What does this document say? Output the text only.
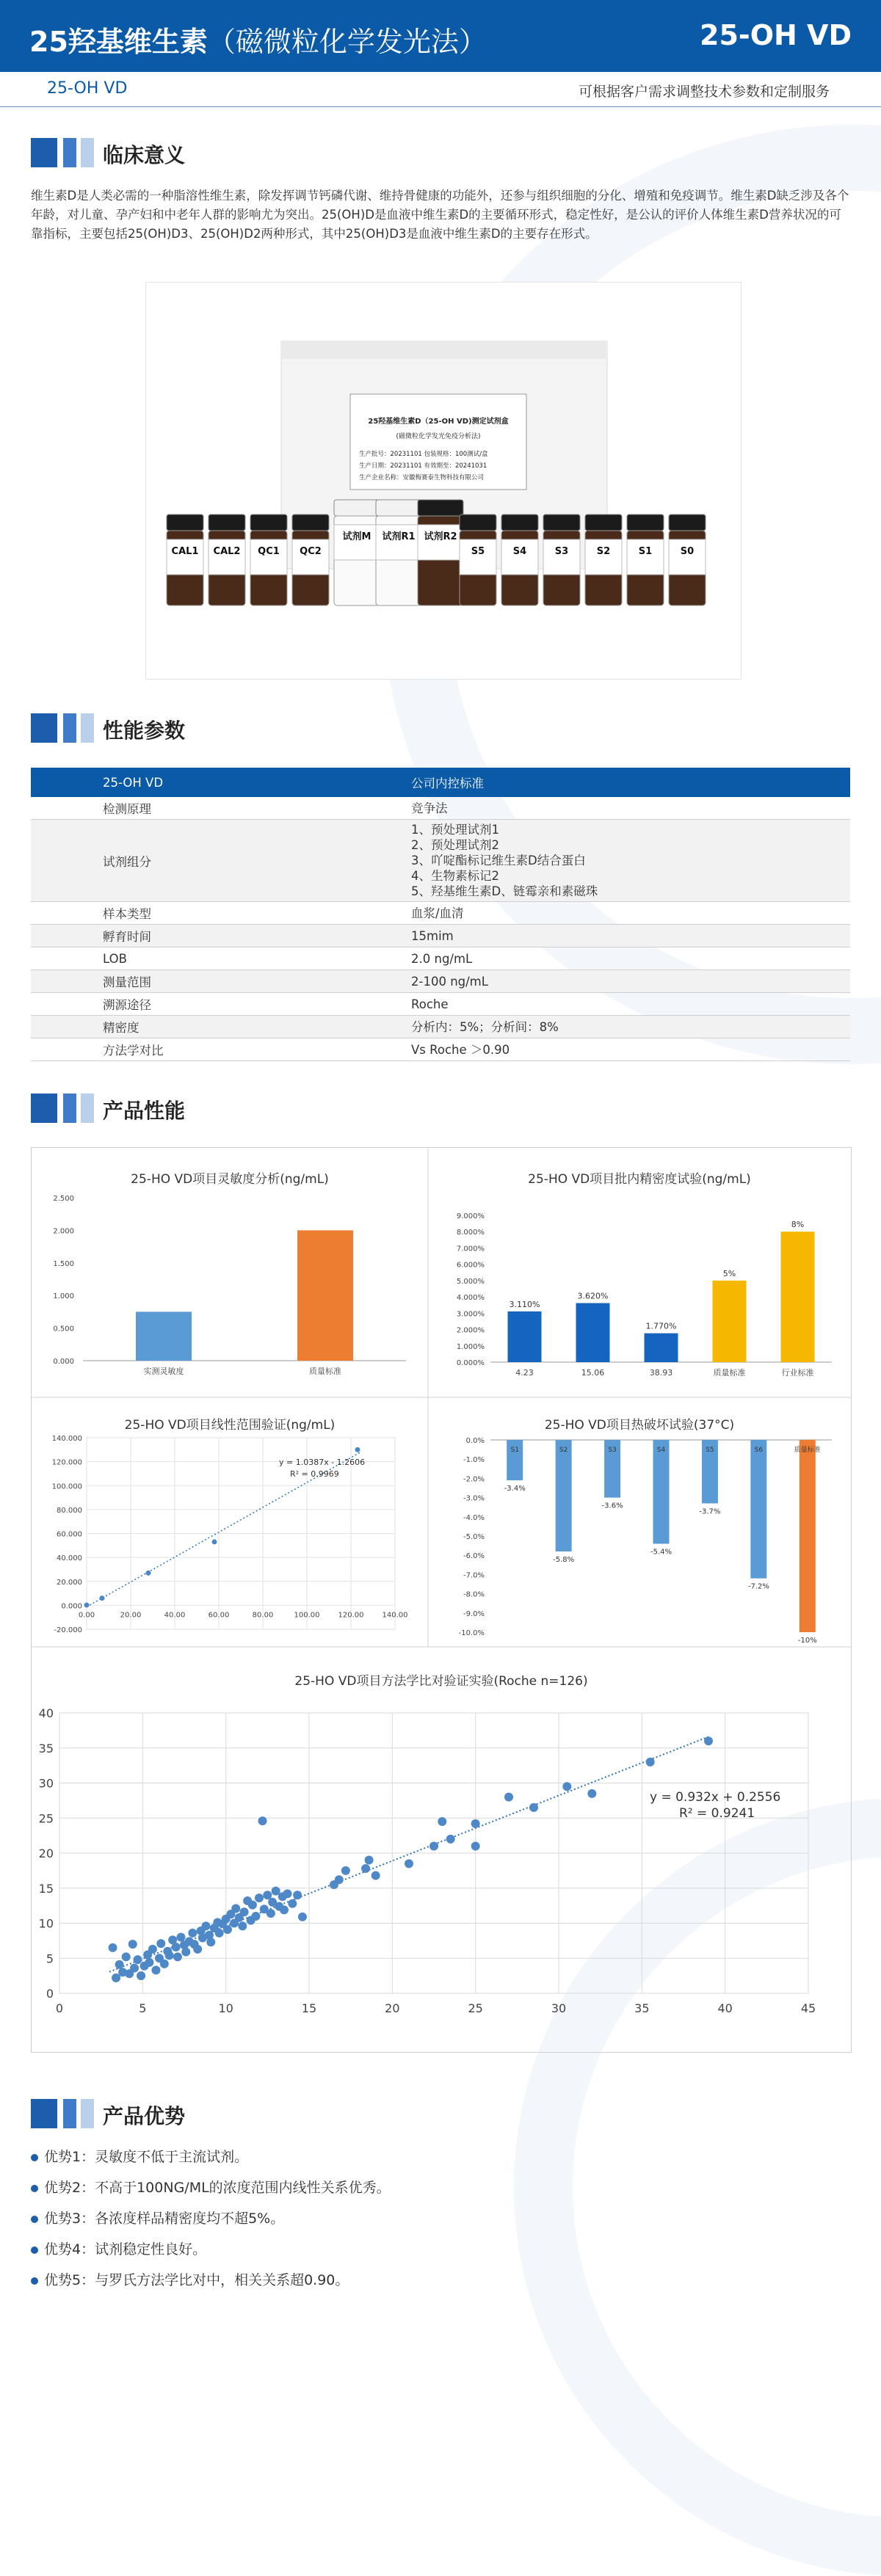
25羟基维生素（磁微粒化学发光法）	25-OH VD
25-OH VD	可根据客户需求调整技术参数和定制服务
临床意义
维生素D是人类必需的一种脂溶性维生素，除发挥调节钙磷代谢、维持骨健康的功能外，还参与组织细胞的分化、增殖和免疫调节。维生素D缺乏涉及各个年龄，对儿童、孕产妇和中老年人群的影响尤为突出。25(OH)D是血液中维生素D的主要循环形式，稳定性好，是公认的评价人体维生素D营养状况的可靠指标，主要包括25(OH)D3、25(OH)D2两种形式，其中25(OH)D3是血液中维生素D的主要存在形式。
25羟基维生素D（25-OH VD)测定试剂盒
(磁微粒化学发光免疫分析法)
生产批号：20231101 包装规格：100测试/盒
生产日期：20231101 有效期至：20241031
生产企业名称：安徽梅赛泰生物科技有限公司
CAL1 CAL2 QC1 QC2
试剂M 试剂R1 试剂R2
S5	S4	S3	S2	S1	S0
性能参数
25-OH VD	公司内控标准
检测原理	竞争法

试剂组分	1、预处理试剂1
2、预处理试剂2
3、吖啶酯标记维生素D结合蛋白
4、生物素标记2
5、羟基维生素D、链霉亲和素磁珠

样本类型	血浆/血清

孵育时间	15mim

LOB	2.0 ng/mL

测量范围	2-100 ng/mL

溯源途径	Roche

精密度	分析内：5%；分析间：8%

方法学对比	Vs Roche ＞0.90
产品性能
25-HO VD项目灵敏度分析(ng/mL)
0.000
0.500
1.000
1.500
2.000
2.500
实测灵敏度	质量标准
25-HO VD项目批内精密度试验(ng/mL)
0.000%
1.000%
2.000%
3.000%
4.000%
5.000%
6.000%
7.000%
8.000%
9.000%
3.110%
4.23
3.620%
15.06
1.770%
38.93
5%
质量标准
8%
行业标准
25-HO VD项目线性范围验证(ng/mL)
-20.000
0.000
20.000
40.000
60.000
80.000
100.000
120.000
140.000
0.00	20.00	40.00	60.00	80.00	100.00	120.00	140.00
y = 1.0387x - 1.2606
R² = 0.9969
25-HO VD项目热破坏试验(37°C)
0.0%
-1.0%
-2.0%
-3.0%
-4.0%
-5.0%
-6.0%
-7.0%
-8.0%
-9.0%
-10.0%
S1
-3.4%
S2
-5.8%
S3
-3.6%
S4
-5.4%
S5
-3.7%
S6
-7.2%
质量标准
-10%
25-HO VD项目方法学比对验证实验(Roche n=126)
0
5
10
15
20
25
30
35
40
0	5	10	15	20	25	30	35	40	45
y = 0.932x + 0.2556
R² = 0.9241
产品优势
优势1：灵敏度不低于主流试剂。
优势2：不高于100NG/ML的浓度范围内线性关系优秀。
优势3：各浓度样品精密度均不超5%。
优势4：试剂稳定性良好。
优势5：与罗氏方法学比对中，相关关系超0.90。
